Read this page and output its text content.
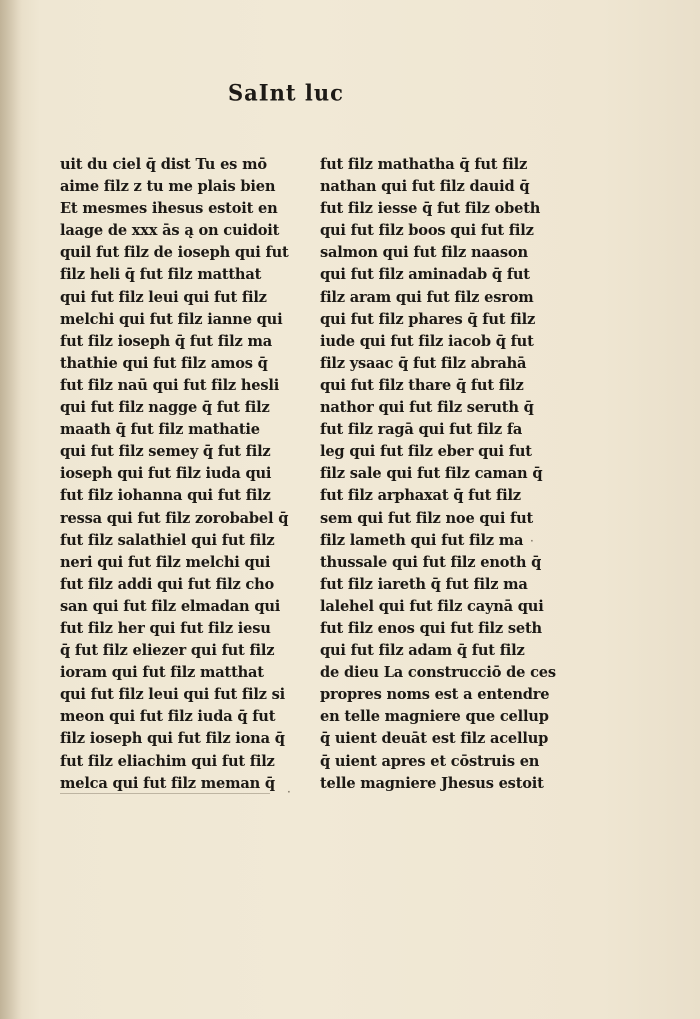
SaInt luc
uit du ciel q̄ dist Tu es mō
aime filz z tu me plais bien
Et mesmes ihesus estoit en
laage de xxx ās ą on cuidoit
quil fut filz de ioseph qui fut
filz heli q̄ fut filz matthat
qui fut filz leui qui fut filz
melchi qui fut filz ianne qui
fut filz ioseph q̄ fut filz ma
thathie qui fut filz amos q̄
fut filz naū qui fut filz hesli
qui fut filz nagge q̄ fut filz
maath q̄ fut filz mathatie
qui fut filz semey q̄ fut filz
ioseph qui fut filz iuda qui
fut filz iohanna qui fut filz
ressa qui fut filz zorobabel q̄
fut filz salathiel qui fut filz
neri qui fut filz melchi qui
fut filz addi qui fut filz cho
san qui fut filz elmadan qui
fut filz her qui fut filz iesu
q̄ fut filz eliezer qui fut filz
ioram qui fut filz matthat
qui fut filz leui qui fut filz si
meon qui fut filz iuda q̄ fut
filz ioseph qui fut filz iona q̄
fut filz eliachim qui fut filz
melca qui fut filz meman q̄
fut filz mathatha q̄ fut filz
nathan qui fut filz dauid q̄
fut filz iesse q̄ fut filz obeth
qui fut filz boos qui fut filz
salmon qui fut filz naason
qui fut filz aminadab q̄ fut
filz aram qui fut filz esrom
qui fut filz phares q̄ fut filz
iude qui fut filz iacob q̄ fut
filz ysaac q̄ fut filz abrahā
qui fut filz thare q̄ fut filz
nathor qui fut filz seruth q̄
fut filz ragā qui fut filz fa
leg qui fut filz eber qui fut
filz sale qui fut filz caman q̄
fut filz arphaxat q̄ fut filz
sem qui fut filz noe qui fut
filz lameth qui fut filz ma
thussale qui fut filz enoth q̄
fut filz iareth q̄ fut filz ma
lalehel qui fut filz caynā qui
fut filz enos qui fut filz seth
qui fut filz adam q̄ fut filz
de dieu La construcciō de ces
propres noms est a entendre
en telle magniere que cellup
q̄ uient deuāt est filz acellup
q̄ uient apres et cōstruis en
telle magniere Jhesus estoit
·
·
